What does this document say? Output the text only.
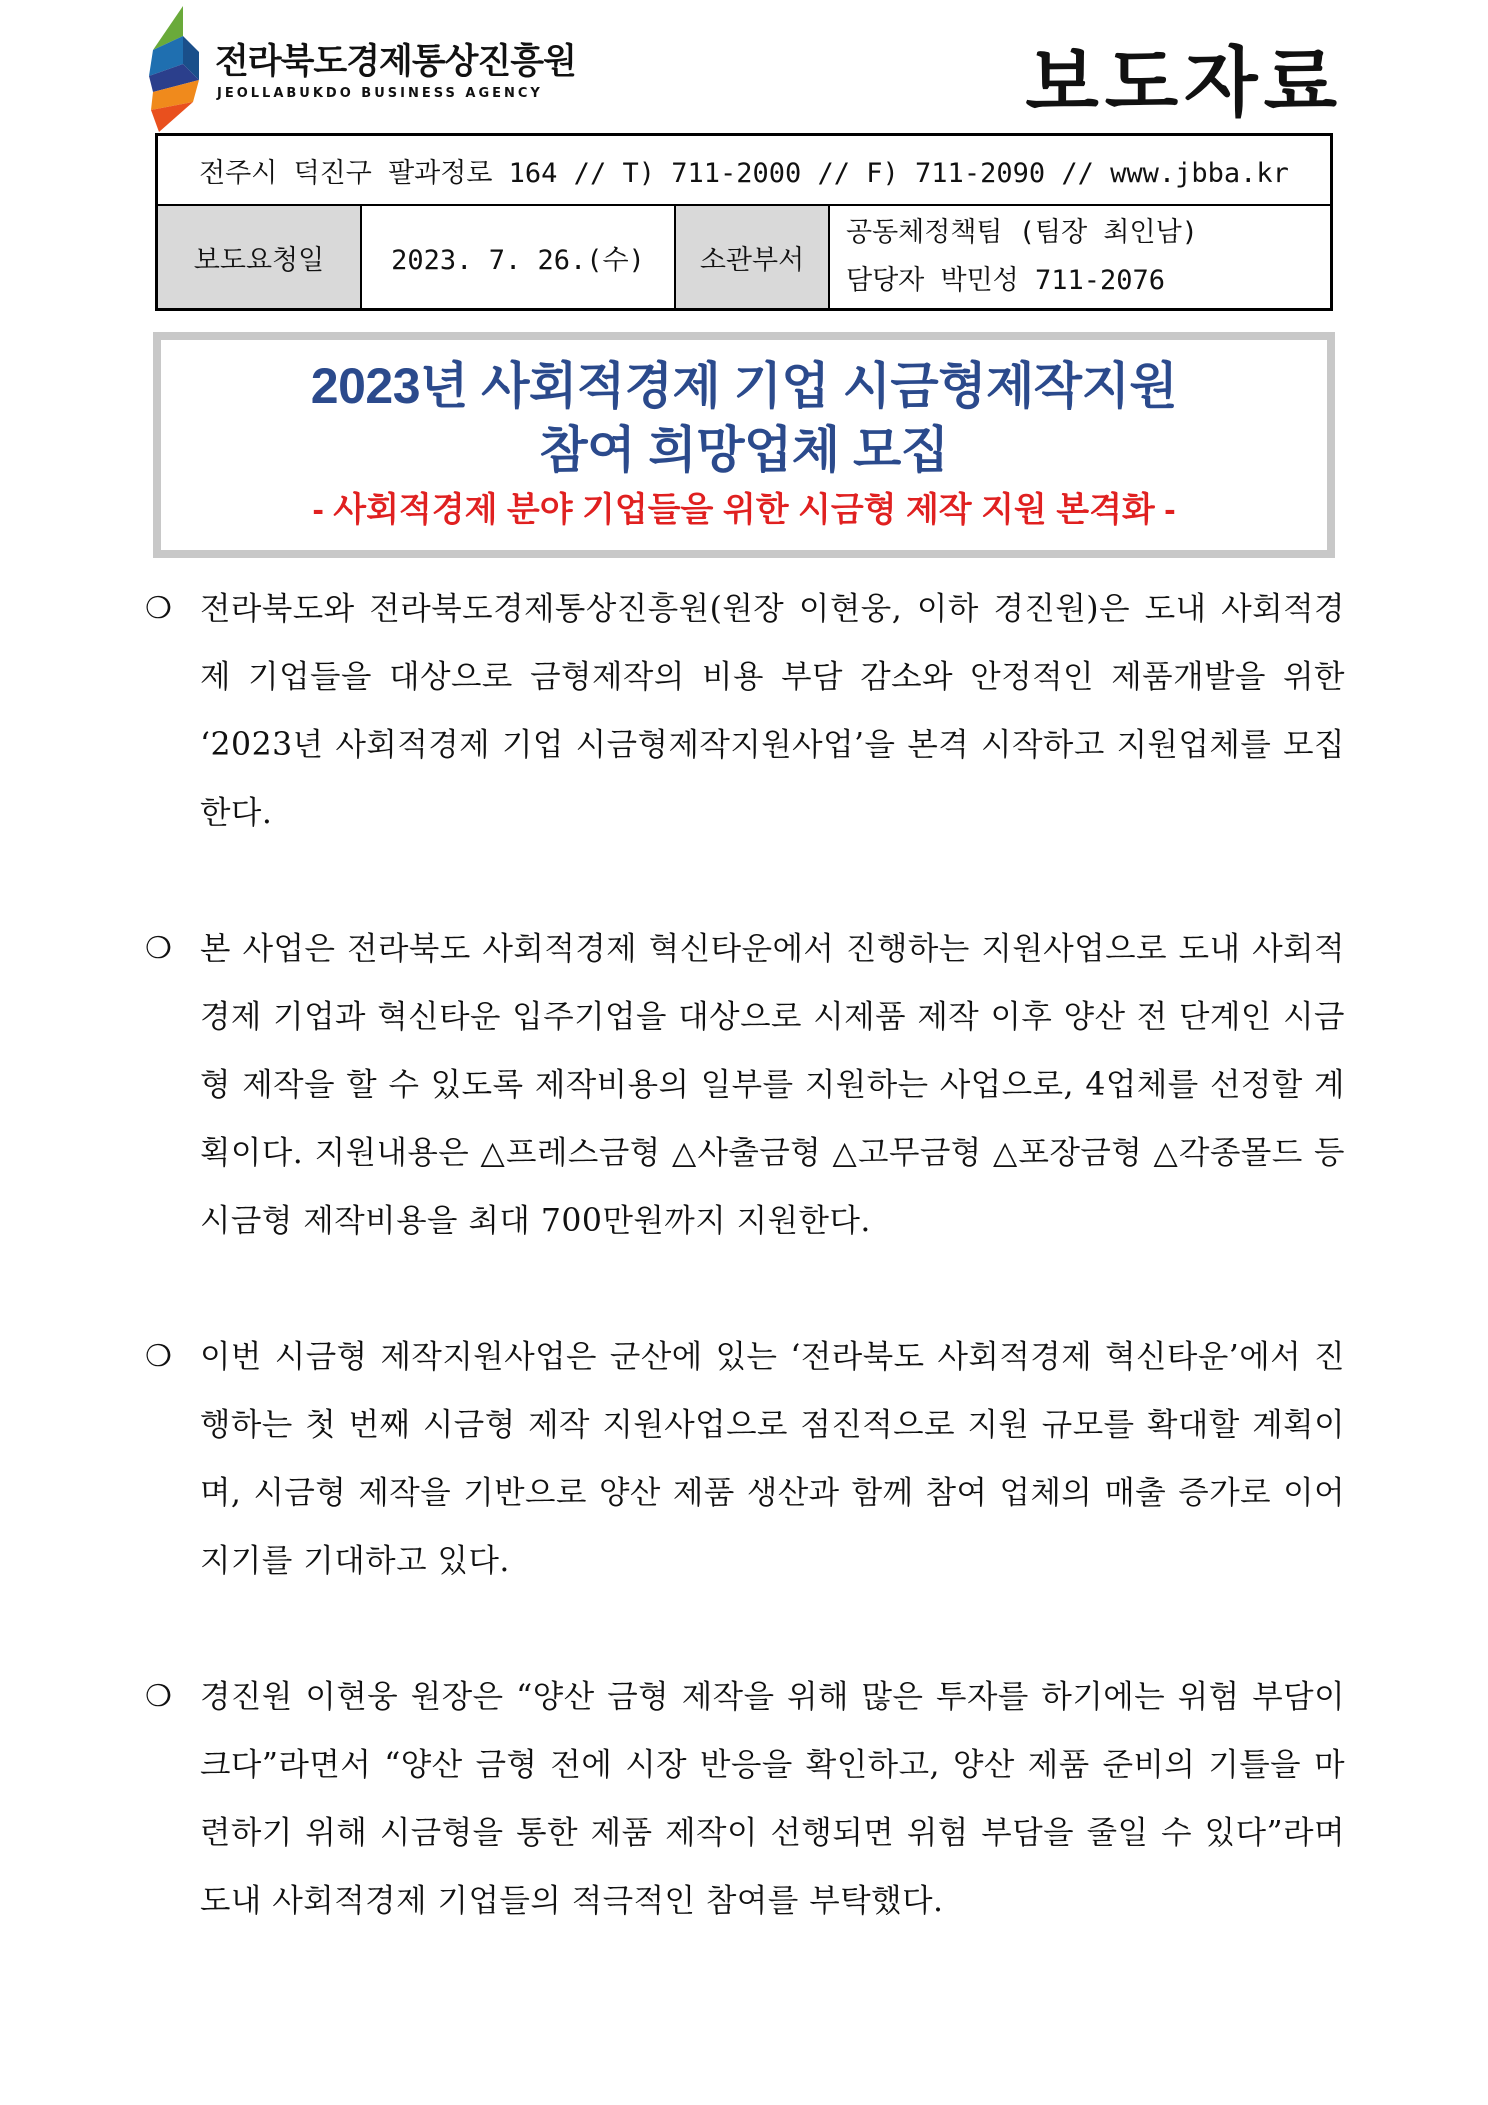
전라북도경제통상진흥원
JEOLLABUKDO BUSINESS AGENCY	보도자료
전주시 덕진구 팔과정로 164 // T) 711-2000 // F) 711-2090 // www.jbba.kr
보도요청일	2023. 7. 26.(수)	소관부서	
공동체정책팀 (팀장 최인남)
담당자 박민성 711-2076
2023년 사회적경제 기업 시금형제작지원
참여 희망업체 모집
- 사회적경제 분야 기업들을 위한 시금형 제작 지원 본격화 -
❍ 전라북도와 전라북도경제통상진흥원(원장 이현웅, 이하 경진원)은 도내 사회적경제 기업들을 대상으로 금형제작의 비용 부담 감소와 안정적인 제품개발을 위한 ‘2023년 사회적경제 기업 시금형제작지원사업’을 본격 시작하고 지원업체를 모집한다.
❍ 본 사업은 전라북도 사회적경제 혁신타운에서 진행하는 지원사업으로 도내 사회적경제 기업과 혁신타운 입주기업을 대상으로 시제품 제작 이후 양산 전 단계인 시금형 제작을 할 수 있도록 제작비용의 일부를 지원하는 사업으로, 4업체를 선정할 계획이다. 지원내용은 △프레스금형 △사출금형 △고무금형 △포장금형 △각종몰드 등 시금형 제작비용을 최대 700만원까지 지원한다.
❍ 이번 시금형 제작지원사업은 군산에 있는 ‘전라북도 사회적경제 혁신타운’에서 진행하는 첫 번째 시금형 제작 지원사업으로 점진적으로 지원 규모를 확대할 계획이며, 시금형 제작을 기반으로 양산 제품 생산과 함께 참여 업체의 매출 증가로 이어지기를 기대하고 있다.
❍ 경진원 이현웅 원장은 “양산 금형 제작을 위해 많은 투자를 하기에는 위험 부담이 크다”라면서 “양산 금형 전에 시장 반응을 확인하고, 양산 제품 준비의 기틀을 마련하기 위해 시금형을 통한 제품 제작이 선행되면 위험 부담을 줄일 수 있다”라며 도내 사회적경제 기업들의 적극적인 참여를 부탁했다.
